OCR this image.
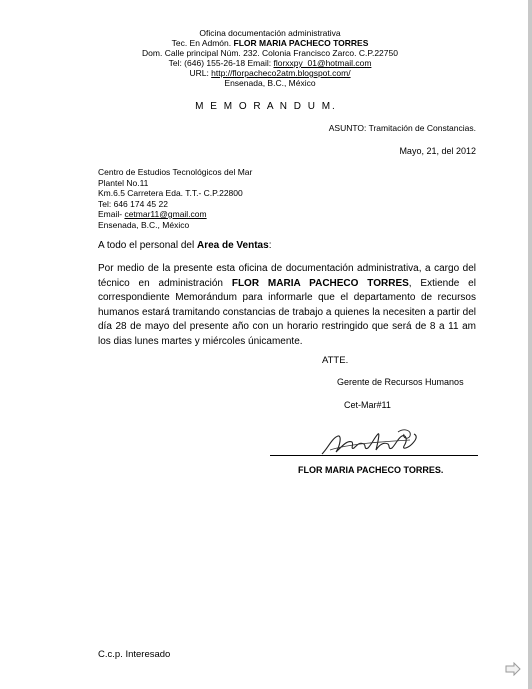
Oficina documentación administrativa
Tec. En Admón. FLOR MARIA PACHECO TORRES
Dom. Calle principal Núm. 232. Colonia Francisco Zarco. C.P.22750
Tel: (646) 155-26-18 Email: florxxpy_01@hotmail.com
URL: http://florpacheco2atm.blogspot.com/
Ensenada, B.C., México
M E M O R A N D U M.
ASUNTO: Tramitación de Constancias.
Mayo, 21, del 2012
Centro de Estudios Tecnológicos del Mar
Plantel No.11
Km.6.5 Carretera Eda. T.T.- C.P.22800
Tel: 646 174 45 22
Email- cetmar11@gmail.com
Ensenada, B.C., México
A todo el personal del Area de Ventas:
Por medio de la presente esta oficina de documentación administrativa, a cargo del técnico en administración FLOR MARIA PACHECO TORRES, Extiende el correspondiente Memorándum para informarle que el departamento de recursos humanos estará tramitando constancias de trabajo a quienes la necesiten a partir del día 28 de mayo del presente año con un horario restringido que será de 8 a 11 am los dias lunes martes y miércoles únicamente.
ATTE.
Gerente de Recursos Humanos
Cet-Mar#11
FLOR MARIA PACHECO TORRES.
C.c.p. Interesado
